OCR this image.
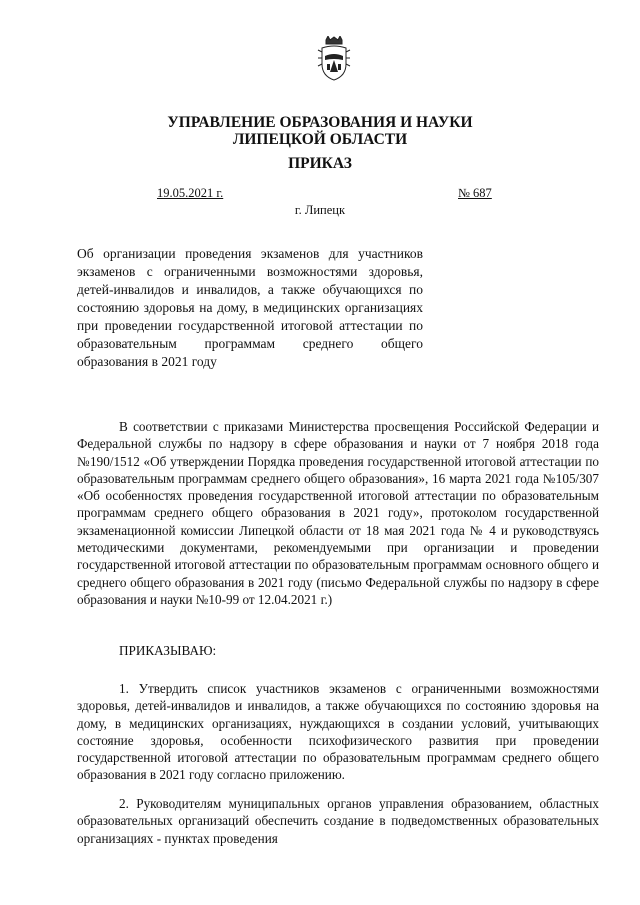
УПРАВЛЕНИЕ ОБРАЗОВАНИЯ И НАУКИ
ЛИПЕЦКОЙ ОБЛАСТИ
ПРИКАЗ
19.05.2021 г.	№ 687
г. Липецк
Об организации проведения экзаменов для участников экзаменов с ограниченными возможностями здоровья, детей-инвалидов и инвалидов, а также обучающихся по состоянию здоровья на дому, в медицинских организациях при проведении государственной итоговой аттестации по образовательным программам среднего общего образования в 2021 году
В соответствии с приказами Министерства просвещения Российской Федерации и Федеральной службы по надзору в сфере образования и науки от 7 ноября 2018 года №190/1512 «Об утверждении Порядка проведения государственной итоговой аттестации по образовательным программам среднего общего образования», 16 марта 2021 года №105/307 «Об особенностях проведения государственной итоговой аттестации по образовательным программам среднего общего образования в 2021 году», протоколом государственной экзаменационной комиссии Липецкой области от 18 мая 2021 года № 4 и руководствуясь методическими документами, рекомендуемыми при организации и проведении государственной итоговой аттестации по образовательным программам основного общего и среднего общего образования в 2021 году (письмо Федеральной службы по надзору в сфере образования и науки №10-99 от 12.04.2021 г.)
ПРИКАЗЫВАЮ:
1. Утвердить список участников экзаменов с ограниченными возможностями здоровья, детей-инвалидов и инвалидов, а также обучающихся по состоянию здоровья на дому, в медицинских организациях, нуждающихся в создании условий, учитывающих состояние здоровья, особенности психофизического развития при проведении государственной итоговой аттестации по образовательным программам среднего общего образования в 2021 году согласно приложению.
2. Руководителям муниципальных органов управления образованием, областных образовательных организаций обеспечить создание в подведомственных образовательных организациях - пунктах проведения
